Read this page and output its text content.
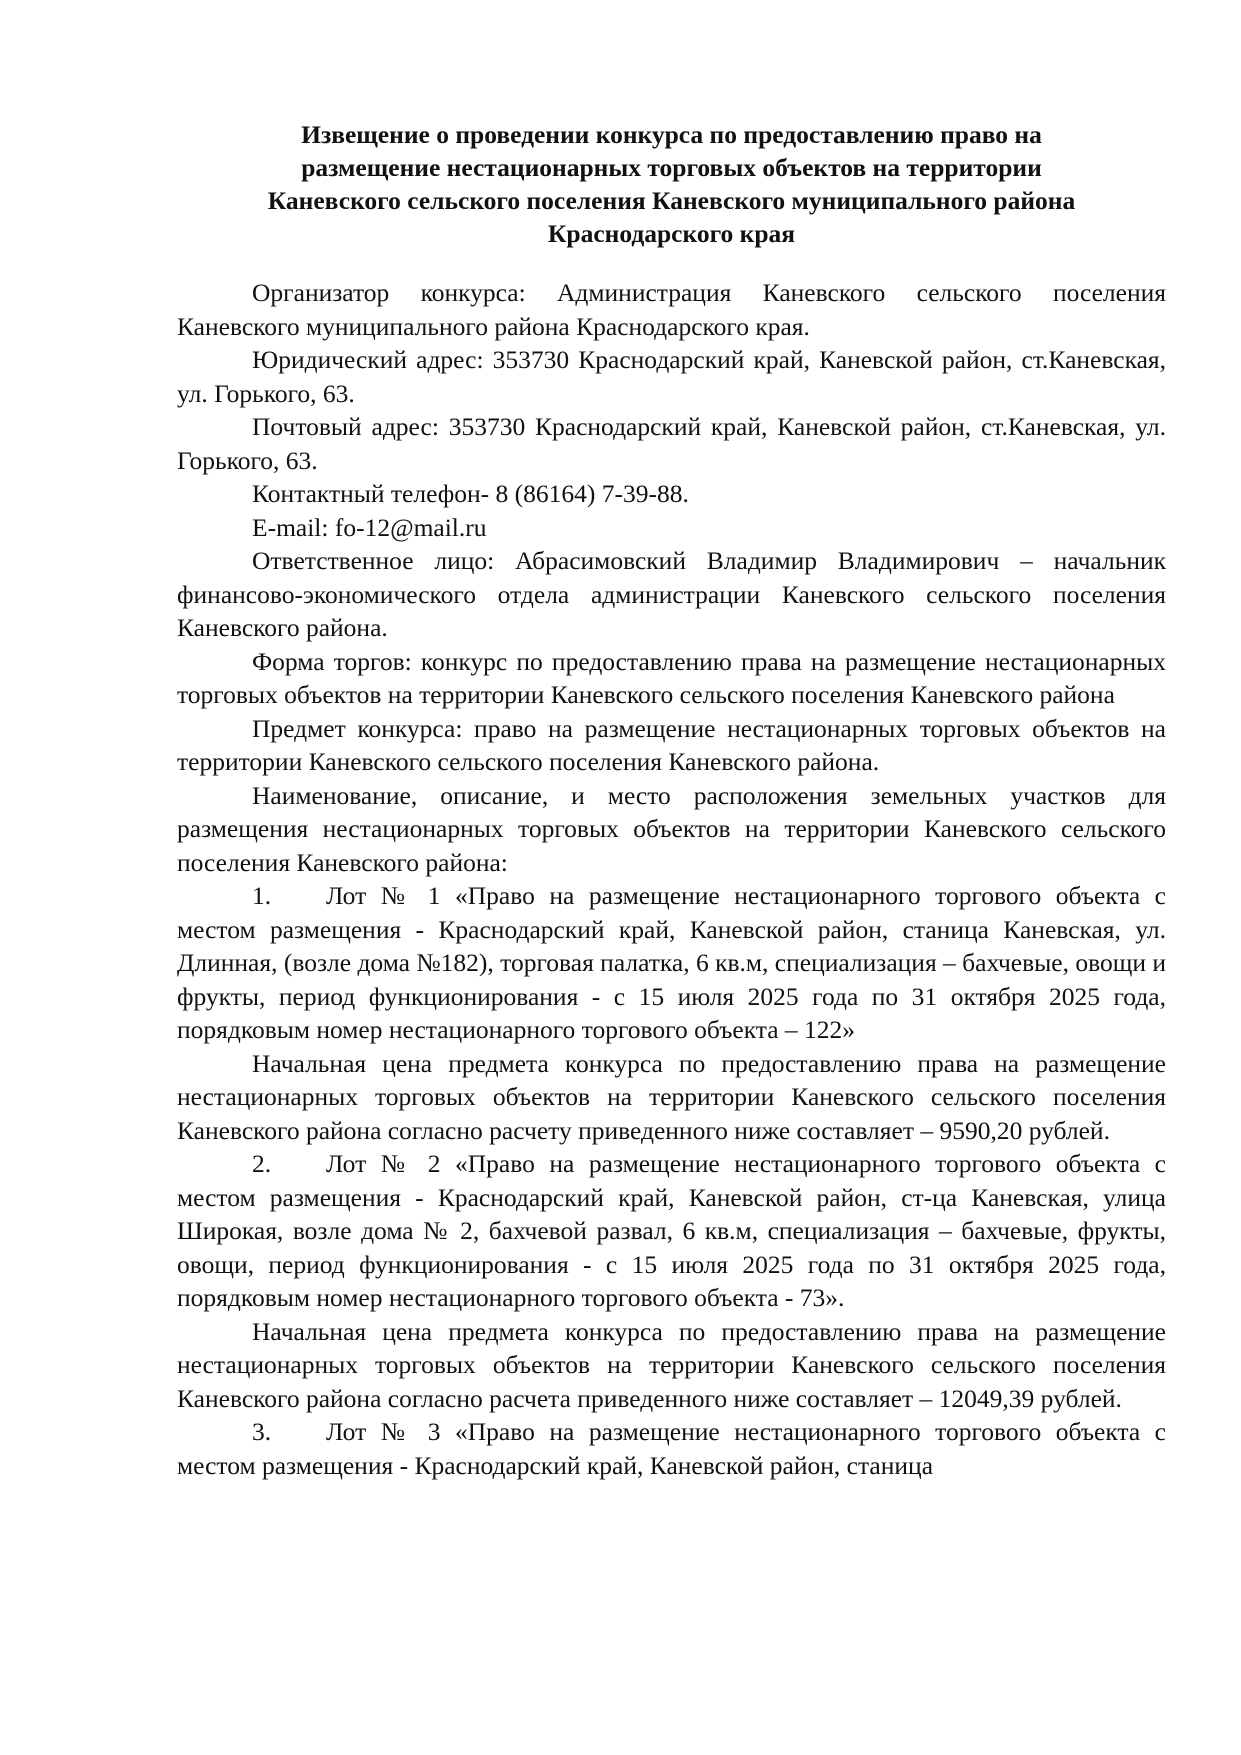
Извещение о проведении конкурса по предоставлению право на
размещение нестационарных торговых объектов на территории
Каневского сельского поселения Каневского муниципального района
Краснодарского края

Организатор конкурса: Администрация Каневского сельского поселения Каневского муниципального района Краснодарского края.

Юридический адрес: 353730 Краснодарский край, Каневской район, ст.Каневская, ул. Горького, 63.

Почтовый адрес: 353730 Краснодарский край, Каневской район, ст.Каневская, ул. Горького, 63.

Контактный телефон- 8 (86164) 7-39-88.

E-mail: fo-12@mail.ru

Ответственное лицо: Абрасимовский Владимир Владимирович – начальник финансово-экономического отдела администрации Каневского сельского поселения Каневского района.

Форма торгов: конкурс по предоставлению права на размещение нестационарных торговых объектов на территории Каневского сельского поселения Каневского района

Предмет конкурса: право на размещение нестационарных торговых объектов на территории Каневского сельского поселения Каневского района.

Наименование, описание, и место расположения земельных участков для размещения нестационарных торговых объектов на территории Каневского сельского поселения Каневского района:

1. Лот № 1 «Право на размещение нестационарного торгового объекта с местом размещения - Краснодарский край, Каневской район, станица Каневская, ул. Длинная, (возле дома №182), торговая палатка, 6 кв.м, специализация – бахчевые, овощи и фрукты, период функционирования - с 15 июля 2025 года по 31 октября 2025 года, порядковым номер нестационарного торгового объекта – 122»

Начальная цена предмета конкурса по предоставлению права на размещение нестационарных торговых объектов на территории Каневского сельского поселения Каневского района согласно расчету приведенного ниже составляет – 9590,20 рублей.

2. Лот № 2 «Право на размещение нестационарного торгового объекта с местом размещения - Краснодарский край, Каневской район, ст-ца Каневская, улица Широкая, возле дома № 2, бахчевой развал, 6 кв.м, специализация – бахчевые, фрукты, овощи, период функционирования - с 15 июля 2025 года по 31 октября 2025 года, порядковым номер нестационарного торгового объекта - 73».

Начальная цена предмета конкурса по предоставлению права на размещение нестационарных торговых объектов на территории Каневского сельского поселения Каневского района согласно расчета приведенного ниже составляет – 12049,39 рублей.

3. Лот № 3 «Право на размещение нестационарного торгового объекта с местом размещения - Краснодарский край, Каневской район, станица
